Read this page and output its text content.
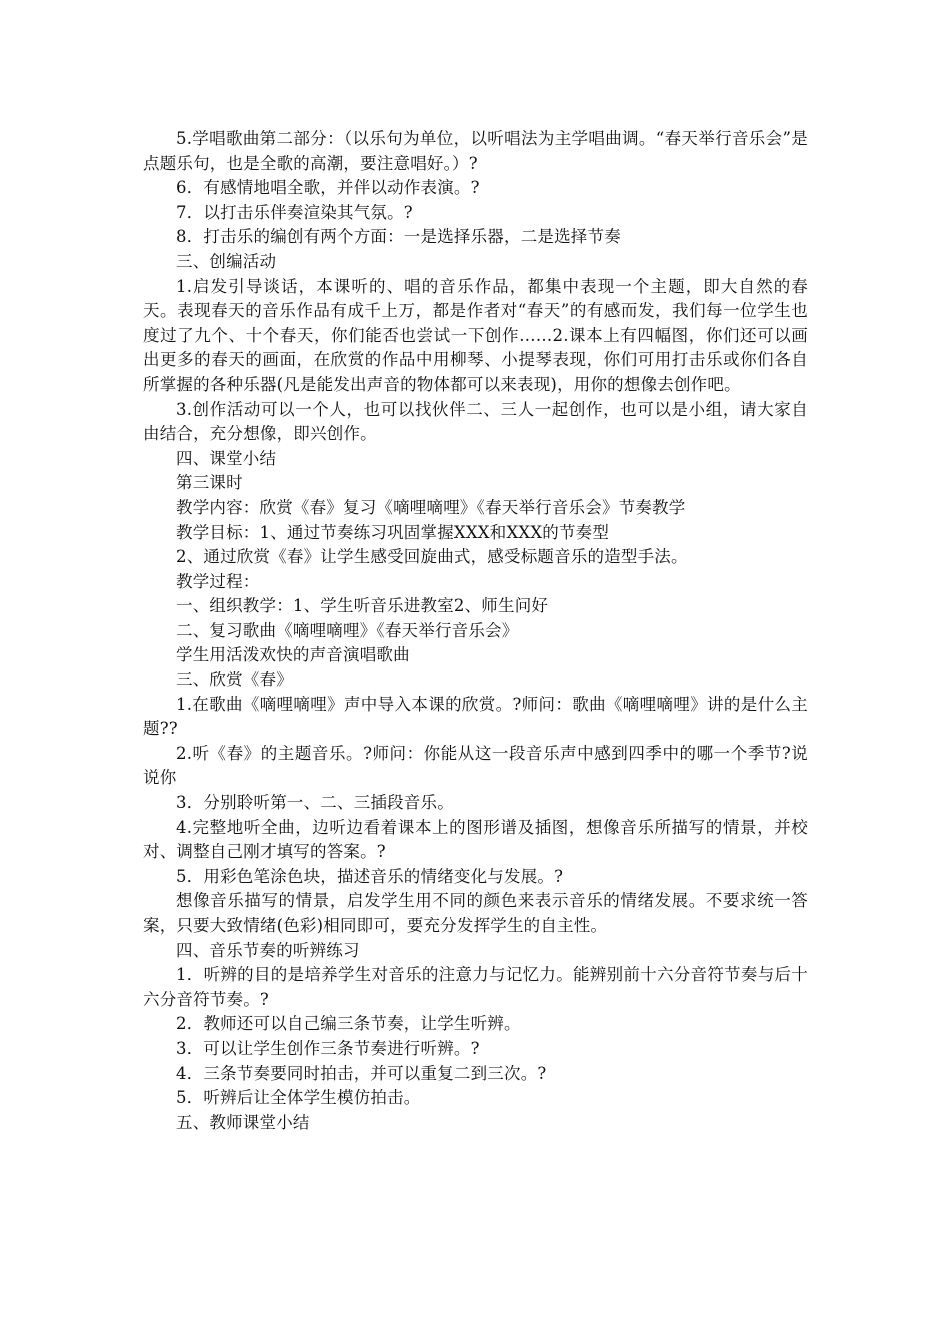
5.学唱歌曲第二部分：（以乐句为单位，以听唱法为主学唱曲调。“春天举行音乐会”是点题乐句，也是全歌的高潮，要注意唱好。）?

6．有感情地唱全歌，并伴以动作表演。?

7．以打击乐伴奏渲染其气氛。?

8．打击乐的编创有两个方面：一是选择乐器，二是选择节奏

三、创编活动

1.启发引导谈话，本课听的、唱的音乐作品，都集中表现一个主题，即大自然的春天。表现春天的音乐作品有成千上万，都是作者对“春天”的有感而发，我们每一位学生也度过了九个、十个春天，你们能否也尝试一下创作……2.课本上有四幅图，你们还可以画出更多的春天的画面，在欣赏的作品中用柳琴、小提琴表现，你们可用打击乐或你们各自所掌握的各种乐器(凡是能发出声音的物体都可以来表现)，用你的想像去创作吧。

3.创作活动可以一个人，也可以找伙伴二、三人一起创作，也可以是小组，请大家自由结合，充分想像，即兴创作。

四、课堂小结

第三课时

教学内容：欣赏《春》复习《嘀哩嘀哩》《春天举行音乐会》节奏教学

教学目标：1、通过节奏练习巩固掌握XXX和XXX的节奏型

2、通过欣赏《春》让学生感受回旋曲式，感受标题音乐的造型手法。

教学过程：

一、组织教学：1、学生听音乐进教室2、师生问好

二、复习歌曲《嘀哩嘀哩》《春天举行音乐会》

学生用活泼欢快的声音演唱歌曲

三、欣赏《春》

1.在歌曲《嘀哩嘀哩》声中导入本课的欣赏。?师问：歌曲《嘀哩嘀哩》讲的是什么主题??

2.听《春》的主题音乐。?师问：你能从这一段音乐声中感到四季中的哪一个季节?说说你

3．分别聆听第一、二、三插段音乐。

4.完整地听全曲，边听边看着课本上的图形谱及插图，想像音乐所描写的情景，并校对、调整自己刚才填写的答案。?

5．用彩色笔涂色块，描述音乐的情绪变化与发展。?

想像音乐描写的情景，启发学生用不同的颜色来表示音乐的情绪发展。不要求统一答案，只要大致情绪(色彩)相同即可，要充分发挥学生的自主性。

四、音乐节奏的听辨练习

1．听辨的目的是培养学生对音乐的注意力与记忆力。能辨别前十六分音符节奏与后十六分音符节奏。?

2．教师还可以自己编三条节奏，让学生听辨。

3．可以让学生创作三条节奏进行听辨。?

4．三条节奏要同时拍击，并可以重复二到三次。?

5．听辨后让全体学生模仿拍击。

五、教师课堂小结
